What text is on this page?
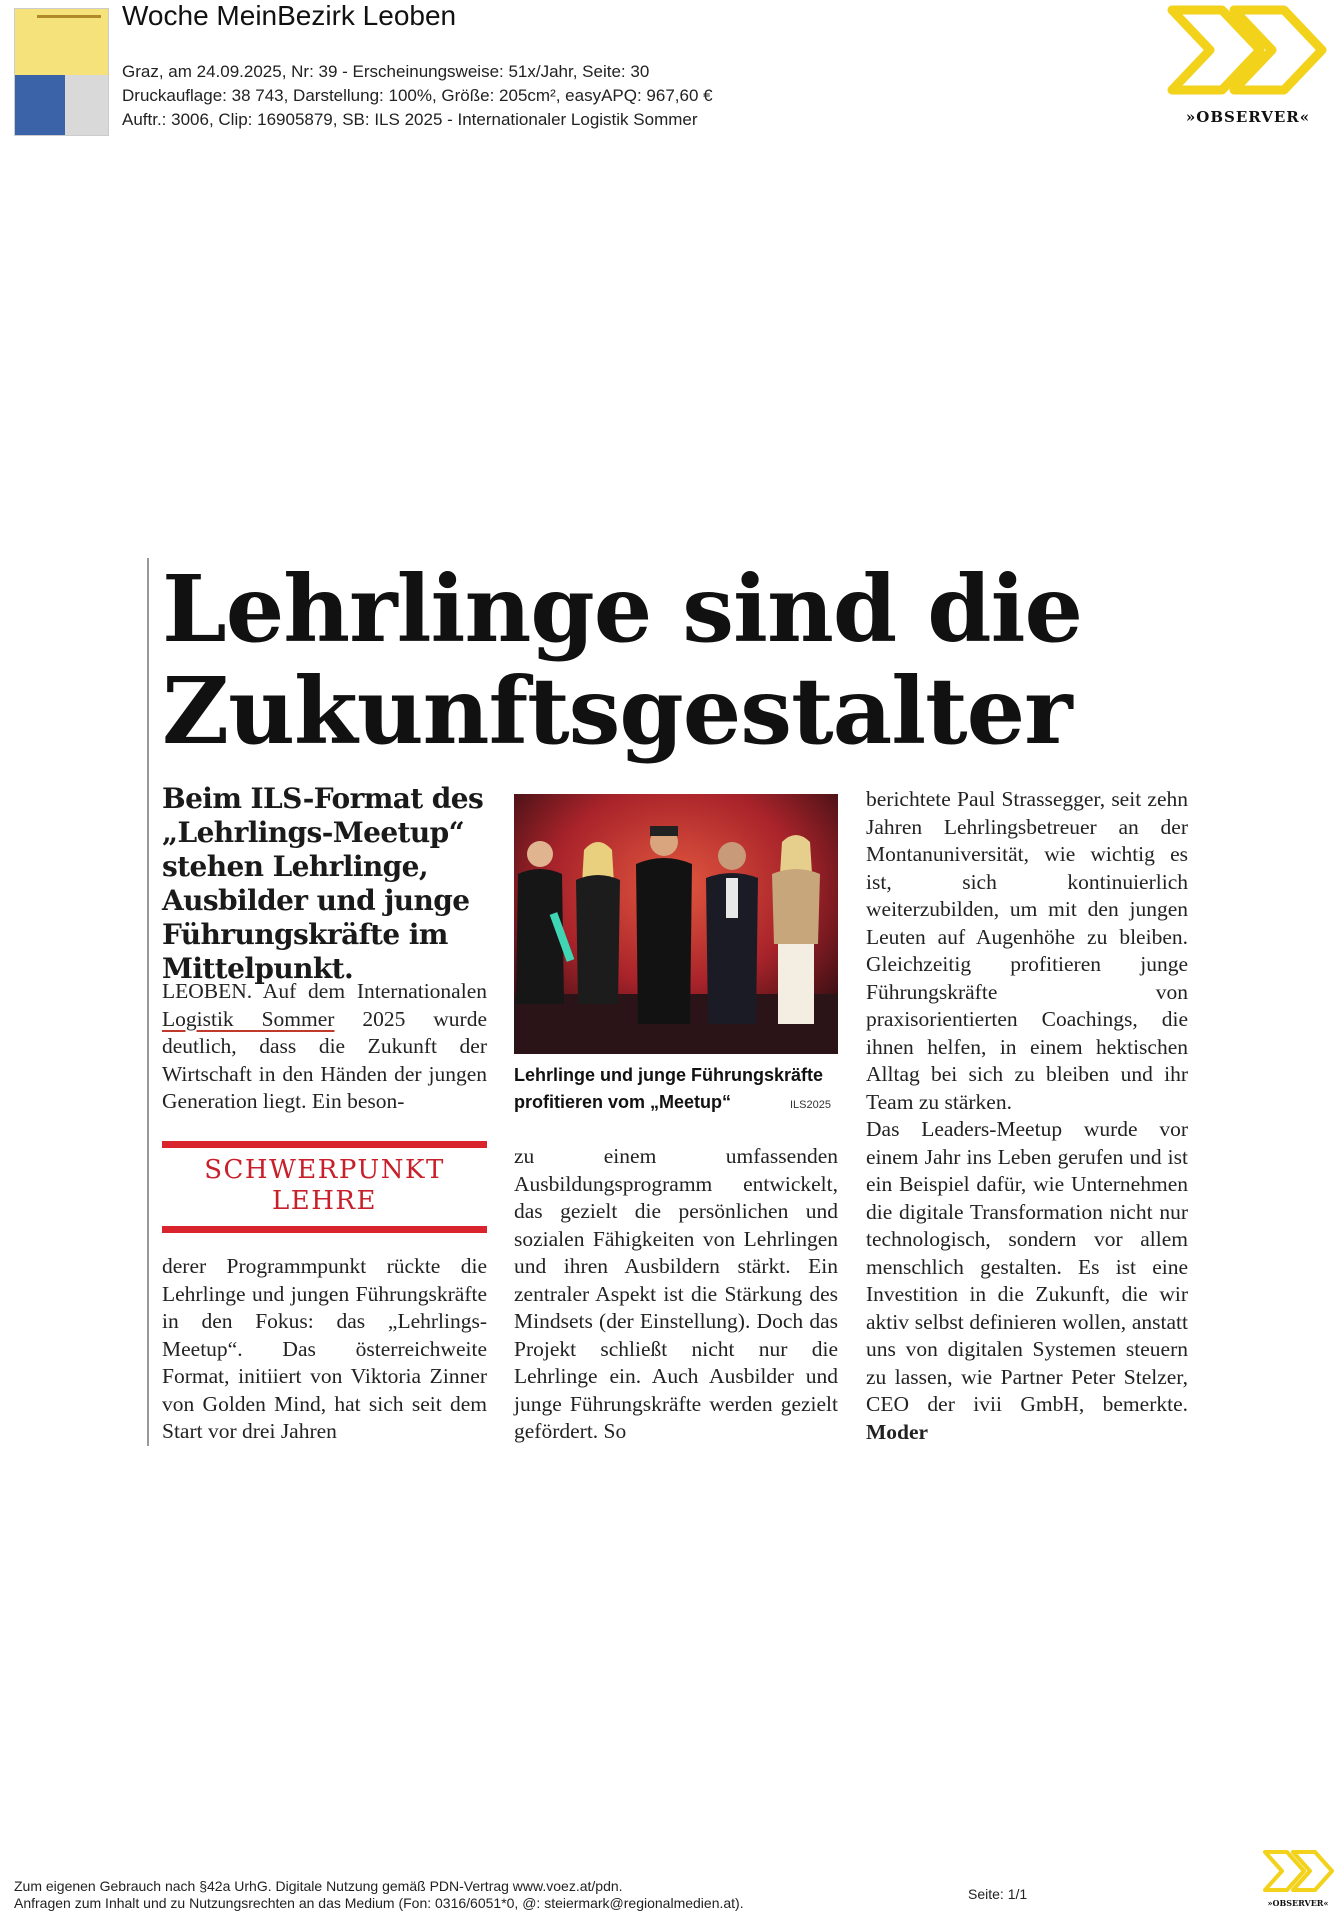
Woche MeinBezirk Leoben
Graz, am 24.09.2025, Nr: 39 - Erscheinungsweise: 51x/Jahr, Seite: 30
Druckauflage: 38 743, Darstellung: 100%, Größe: 205cm², easyAPQ: 967,60 €
Auftr.: 3006, Clip: 16905879, SB: ILS 2025 - Internationaler Logistik Sommer	»OBSERVER«
Lehrlinge sind die
Zukunftsgestalter
Beim ILS-Format des „Lehrlings-Meetup“ stehen Lehrlinge, Ausbilder und junge Führungskräfte im Mittelpunkt.
LEOBEN. Auf dem Internationalen Logistik Sommer 2025 wurde deutlich, dass die Zukunft der Wirtschaft in den Händen der jungen Generation liegt. Ein beson-
SCHWERPUNKT
LEHRE
derer Programmpunkt rückte die Lehrlinge und jungen Führungskräfte in den Fokus: das „Lehrlings-Meetup“. Das österreichweite Format, initiiert von Viktoria Zinner von Golden Mind, hat sich seit dem Start vor drei Jahren
Lehrlinge und junge Führungskräfte profitieren vom „Meetup“	ILS2025
zu einem umfassenden Ausbildungsprogramm entwickelt, das gezielt die persönlichen und sozialen Fähigkeiten von Lehrlingen und ihren Ausbildern stärkt. Ein zentraler Aspekt ist die Stärkung des Mindsets (der Einstellung). Doch das Projekt schließt nicht nur die Lehrlinge ein. Auch Ausbilder und junge Führungskräfte werden gezielt gefördert. So
berichtete Paul Strassegger, seit zehn Jahren Lehrlingsbetreuer an der Montanuniversität, wie wichtig es ist, sich kontinuierlich weiterzubilden, um mit den jungen Leuten auf Augenhöhe zu bleiben. Gleichzeitig profitieren junge Führungskräfte von praxisorientierten Coachings, die ihnen helfen, in einem hektischen Alltag bei sich zu bleiben und ihr Team zu stärken.
Das Leaders-Meetup wurde vor einem Jahr ins Leben gerufen und ist ein Beispiel dafür, wie Unternehmen die digitale Transformation nicht nur technologisch, sondern vor allem menschlich gestalten. Es ist eine Investition in die Zukunft, die wir aktiv selbst definieren wollen, anstatt uns von digitalen Systemen steuern zu lassen, wie Partner Peter Stelzer, CEO der ivii GmbH, bemerkte. Moder
Zum eigenen Gebrauch nach §42a UrhG. Digitale Nutzung gemäß PDN-Vertrag www.voez.at/pdn.
Anfragen zum Inhalt und zu Nutzungsrechten an das Medium (Fon: 0316/6051*0, @: steiermark@regionalmedien.at).
Seite: 1/1
»OBSERVER«
